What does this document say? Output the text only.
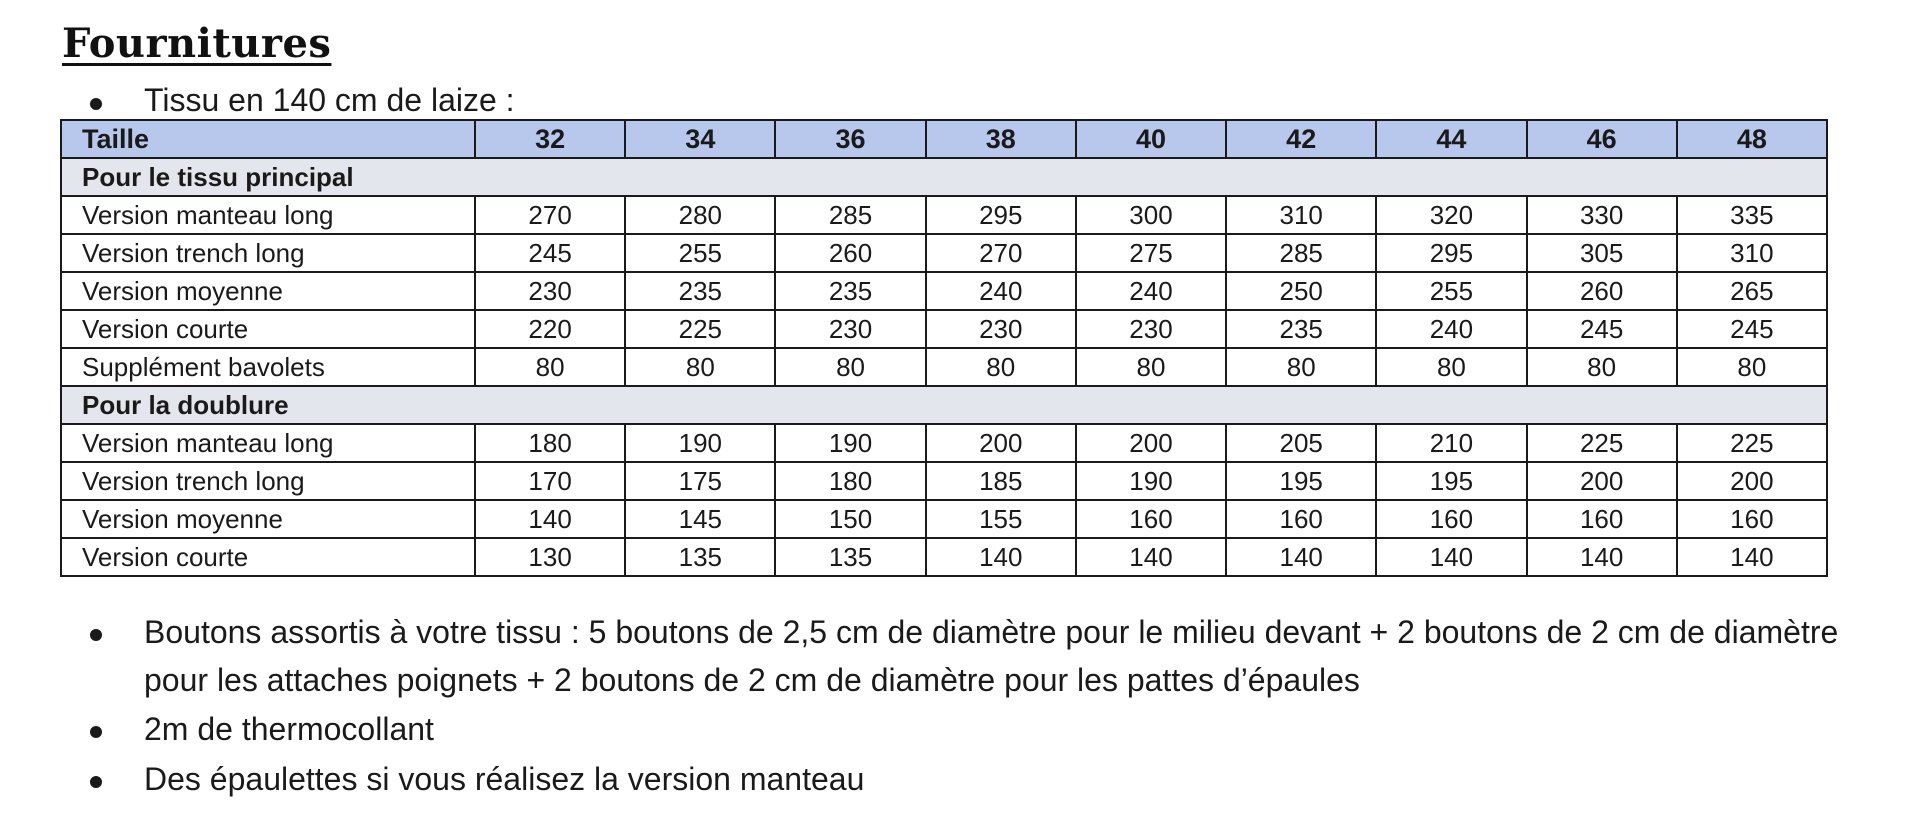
Fournitures
Tissu en 140 cm de laize :
Taille	32	34	36	38	40	42	44	46	48
Pour le tissu principal									
Version manteau long	270	280	285	295	300	310	320	330	335
Version trench long	245	255	260	270	275	285	295	305	310
Version moyenne	230	235	235	240	240	250	255	260	265
Version courte	220	225	230	230	230	235	240	245	245
Supplément bavolets	80	80	80	80	80	80	80	80	80
Pour la doublure									
Version manteau long	180	190	190	200	200	205	210	225	225
Version trench long	170	175	180	185	190	195	195	200	200
Version moyenne	140	145	150	155	160	160	160	160	160
Version courte	130	135	135	140	140	140	140	140	140
Boutons assortis à votre tissu : 5 boutons de 2,5 cm de diamètre pour le milieu devant + 2 boutons de 2 cm de diamètre pour les attaches poignets + 2 boutons de 2 cm de diamètre pour les pattes d’épaules
2m de thermocollant
Des épaulettes si vous réalisez la version manteau
